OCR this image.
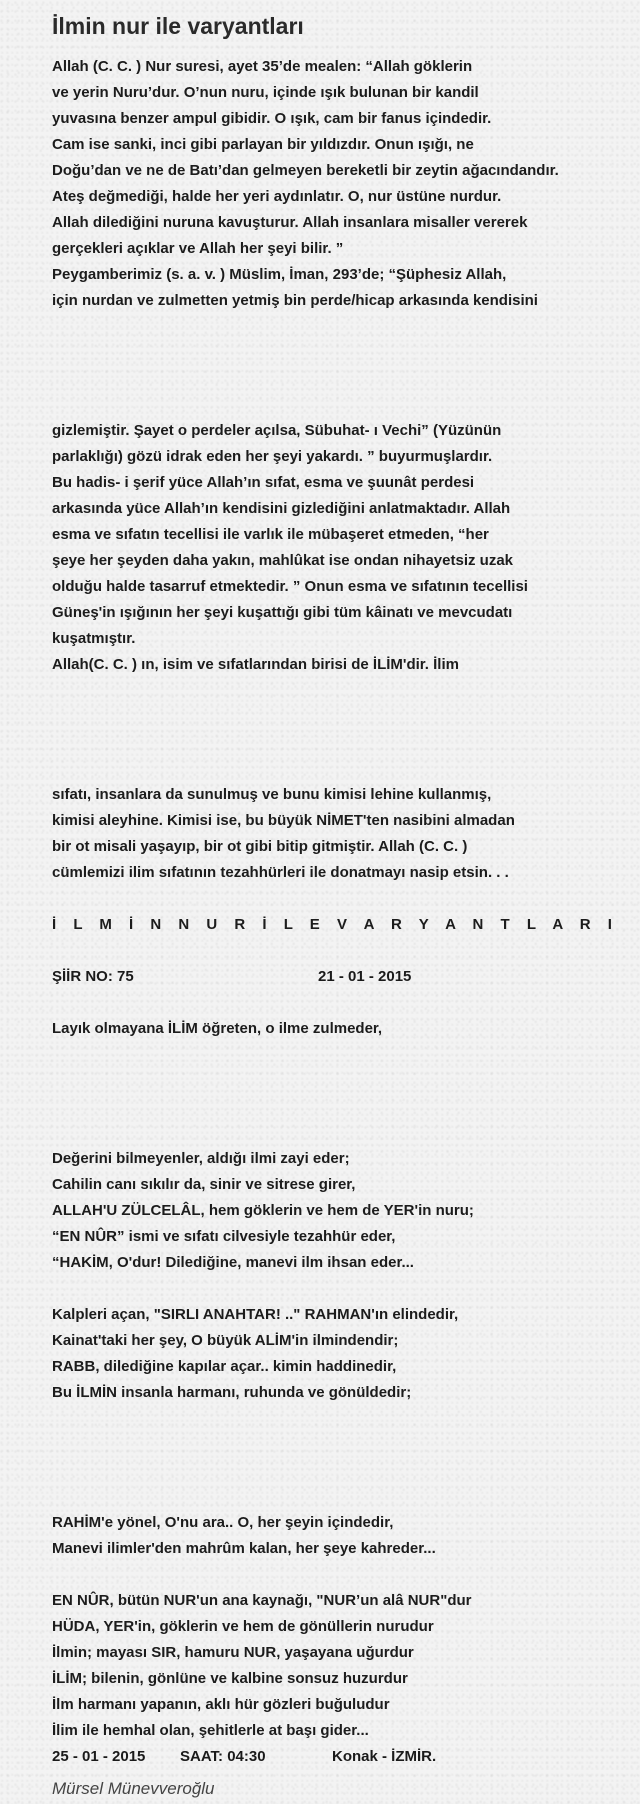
İlmin nur ile varyantları
Allah (C. C. ) Nur suresi, ayet 35’de mealen: “Allah göklerin
ve yerin Nuru’dur. O’nun nuru, içinde ışık bulunan bir kandil
yuvasına benzer ampul gibidir. O ışık, cam bir fanus içindedir.
Cam ise sanki, inci gibi parlayan bir yıldızdır. Onun ışığı, ne
Doğu’dan ve ne de Batı’dan gelmeyen bereketli bir zeytin ağacındandır.
Ateş değmediği, halde her yeri aydınlatır. O, nur üstüne nurdur.
Allah dilediğini nuruna kavuşturur. Allah insanlara misaller vererek
gerçekleri açıklar ve Allah her şeyi bilir. ”
Peygamberimiz (s. a. v. ) Müslim, İman, 293’de; “Şüphesiz Allah,
için nurdan ve zulmetten yetmiş bin perde/hicap arkasında kendisini
gizlemiştir. Şayet o perdeler açılsa, Sübuhat- ı Vechi” (Yüzünün
parlaklığı) gözü idrak eden her şeyi yakardı. ” buyurmuşlardır.
Bu hadis- i şerif yüce Allah’ın sıfat, esma ve şuunât perdesi
arkasında yüce Allah’ın kendisini gizlediğini anlatmaktadır. Allah
esma ve sıfatın tecellisi ile varlık ile mübaşeret etmeden, “her
şeye her şeyden daha yakın, mahlûkat ise ondan nihayetsiz uzak
olduğu halde tasarruf etmektedir. ” Onun esma ve sıfatının tecellisi
Güneş'in ışığının her şeyi kuşattığı gibi tüm kâinatı ve mevcudatı
kuşatmıştır.
Allah(C. C. ) ın, isim ve sıfatlarından birisi de İLİM'dir. İlim
sıfatı, insanlara da sunulmuş ve bunu kimisi lehine kullanmış,
kimisi aleyhine. Kimisi ise, bu büyük NİMET'ten nasibini almadan
bir ot misali yaşayıp, bir ot gibi bitip gitmiştir. Allah (C. C. )
cümlemizi ilim sıfatının tezahhürleri ile donatmayı nasip etsin. . .
İ L M İ N N U R İ L E V A R Y A N T L A R I
ŞİİR NO: 75	21 - 01 - 2015
Layık olmayana İLİM öğreten, o ilme zulmeder,
Değerini bilmeyenler, aldığı ilmi zayi eder;
Cahilin canı sıkılır da, sinir ve sitrese girer,
ALLAH'U ZÜLCELÂL, hem göklerin ve hem de YER'in nuru;
“EN NÛR” ismi ve sıfatı cilvesiyle tezahhür eder,
“HAKİM, O'dur! Dilediğine, manevi ilm ihsan eder...
Kalpleri açan, "SIRLI ANAHTAR! .." RAHMAN'ın elindedir,
Kainat'taki her şey, O büyük ALİM'in ilmindendir;
RABB, dilediğine kapılar açar.. kimin haddinedir,
Bu İLMİN insanla harmanı, ruhunda ve gönüldedir;
RAHİM'e yönel, O'nu ara.. O, her şeyin içindedir,
Manevi ilimler'den mahrûm kalan, her şeye kahreder...
EN NÛR, bütün NUR'un ana kaynağı, "NUR’un alâ NUR"dur
HÜDA, YER'in, göklerin ve hem de gönüllerin nurudur
İlmin; mayası SIR, hamuru NUR, yaşayana uğurdur
İLİM; bilenin, gönlüne ve kalbine sonsuz huzurdur
İlm harmanı yapanın, aklı hür gözleri buğuludur
İlim ile hemhal olan, şehitlerle at başı gider...
25 - 01 - 2015	SAAT: 04:30	Konak - İZMİR.
Mürsel Münevveroğlu
